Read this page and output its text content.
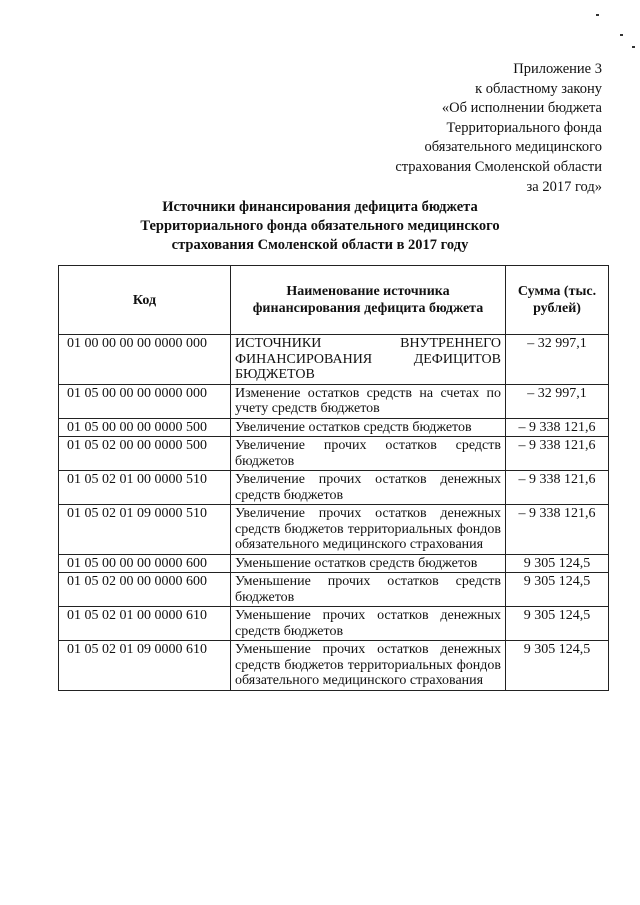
Приложение 3
к областному закону
«Об исполнении бюджета
Территориального фонда
обязательного медицинского
страхования Смоленской области
за 2017 год»
Источники финансирования дефицита бюджета
Территориального фонда обязательного медицинского
страхования Смоленской области в 2017 году
Код	Наименование источника финансирования дефицита бюджета	Сумма (тыс. рублей)
01 00 00 00 00 0000 000	ИСТОЧНИКИ ВНУТРЕННЕГО ФИНАНСИРОВАНИЯ ДЕФИЦИТОВ БЮДЖЕТОВ	– 32 997,1
01 05 00 00 00 0000 000	Изменение остатков средств на счетах по учету средств бюджетов	– 32 997,1
01 05 00 00 00 0000 500	Увеличение остатков средств бюджетов	– 9 338 121,6
01 05 02 00 00 0000 500	Увеличение прочих остатков средств бюджетов	– 9 338 121,6
01 05 02 01 00 0000 510	Увеличение прочих остатков денежных средств бюджетов	– 9 338 121,6
01 05 02 01 09 0000 510	Увеличение прочих остатков денежных средств бюджетов территориальных фондов обязательного медицинского страхования	– 9 338 121,6
01 05 00 00 00 0000 600	Уменьшение остатков средств бюджетов	9 305 124,5
01 05 02 00 00 0000 600	Уменьшение прочих остатков средств бюджетов	9 305 124,5
01 05 02 01 00 0000 610	Уменьшение прочих остатков денежных средств бюджетов	9 305 124,5
01 05 02 01 09 0000 610	Уменьшение прочих остатков денежных средств бюджетов территориальных фондов обязательного медицинского страхования	9 305 124,5
